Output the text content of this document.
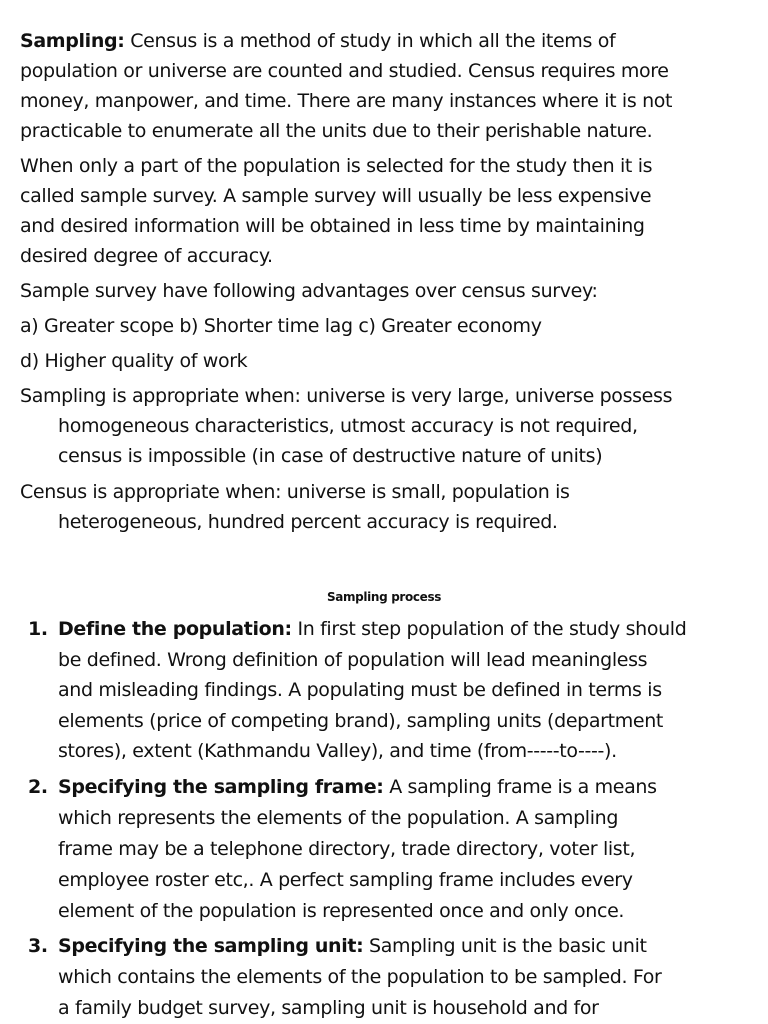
Sampling: Census is a method of study in which all the items of
population or universe are counted and studied. Census requires more
money, manpower, and time. There are many instances where it is not
practicable to enumerate all the units due to their perishable nature.
When only a part of the population is selected for the study then it is
called sample survey. A sample survey will usually be less expensive
and desired information will be obtained in less time by maintaining
desired degree of accuracy.
Sample survey have following advantages over census survey:
a) Greater scope b) Shorter time lag c) Greater economy
d) Higher quality of work
Sampling is appropriate when: universe is very large, universe possess
homogeneous characteristics, utmost accuracy is not required,
census is impossible (in case of destructive nature of units)
Census is appropriate when: universe is small, population is
heterogeneous, hundred percent accuracy is required.
Sampling process
1. Define the population: In first step population of the study should
be defined. Wrong definition of population will lead meaningless
and misleading findings. A populating must be defined in terms is
elements (price of competing brand), sampling units (department
stores), extent (Kathmandu Valley), and time (from-----to----).
2. Specifying the sampling frame: A sampling frame is a means
which represents the elements of the population. A sampling
frame may be a telephone directory, trade directory, voter list,
employee roster etc,. A perfect sampling frame includes every
element of the population is represented once and only once.
3. Specifying the sampling unit: Sampling unit is the basic unit
which contains the elements of the population to be sampled. For
a family budget survey, sampling unit is household and for
